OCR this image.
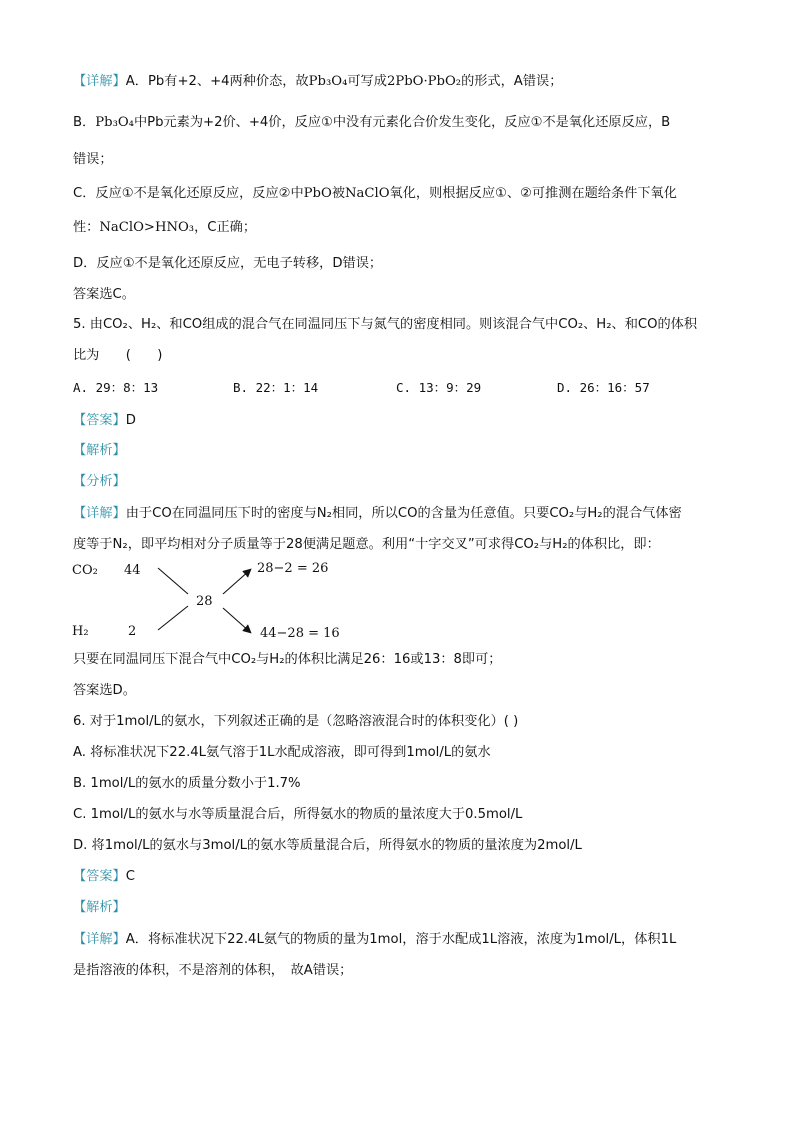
【详解】A．Pb有+2、+4两种价态，故Pb₃O₄可写成2PbO·PbO₂的形式，A错误；
B．Pb₃O₄中Pb元素为+2价、+4价，反应①中没有元素化合价发生变化，反应①不是氧化还原反应，B
错误；
C．反应①不是氧化还原反应，反应②中PbO被NaClO氧化，则根据反应①、②可推测在题给条件下氧化
性：NaClO>HNO₃，C正确；
D．反应①不是氧化还原反应，无电子转移，D错误；
答案选C。
5. 由CO₂、H₂、和CO组成的混合气在同温同压下与氮气的密度相同。则该混合气中CO₂、H₂、和CO的体积
比为　　(　　)
A. 29：8：13	B. 22：1：14	C. 13：9：29	D. 26：16：57
【答案】D
【解析】
【分析】
【详解】由于CO在同温同压下时的密度与N₂相同，所以CO的含量为任意值。只要CO₂与H₂的混合气体密
度等于N₂，即平均相对分子质量等于28便满足题意。利用“十字交叉”可求得CO₂与H₂的体积比，即：
CO₂ 44
H₂	2
28
28−2 = 26
44−28 = 16
只要在同温同压下混合气中CO₂与H₂的体积比满足26：16或13：8即可；
答案选D。
6. 对于1mol/L的氨水，下列叙述正确的是（忽略溶液混合时的体积变化）( )
A. 将标准状况下22.4L氨气溶于1L水配成溶液，即可得到1mol/L的氨水
B. 1mol/L的氨水的质量分数小于1.7%
C. 1mol/L的氨水与水等质量混合后，所得氨水的物质的量浓度大于0.5mol/L
D. 将1mol/L的氨水与3mol/L的氨水等质量混合后，所得氨水的物质的量浓度为2mol/L
【答案】C
【解析】
【详解】A．将标准状况下22.4L氨气的物质的量为1mol，溶于水配成1L溶液，浓度为1mol/L，体积1L
是指溶液的体积，不是溶剂的体积，　故A错误；
